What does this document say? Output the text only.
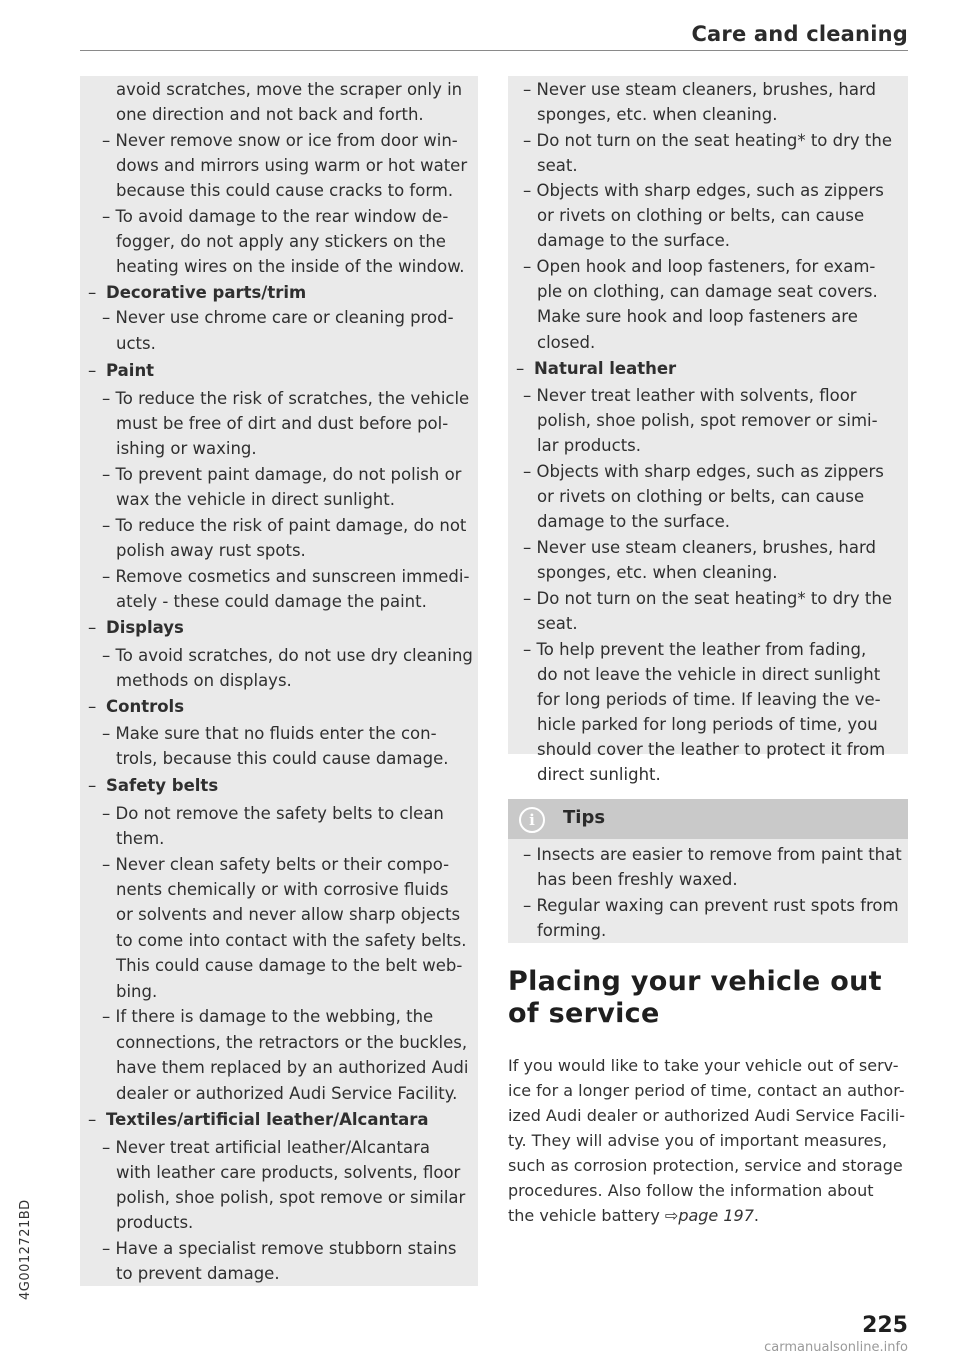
Care and cleaning
i	Tips
avoid scratches, move the scraper only in
one direction and not back and forth.
– Never remove snow or ice from door win-
dows and mirrors using warm or hot water
because this could cause cracks to form.
– To avoid damage to the rear window de-
fogger, do not apply any stickers on the
heating wires on the inside of the window.
– Decorative parts/trim
– Never use chrome care or cleaning prod-
ucts.
– Paint
– To reduce the risk of scratches, the vehicle
must be free of dirt and dust before pol-
ishing or waxing.
– To prevent paint damage, do not polish or
wax the vehicle in direct sunlight.
– To reduce the risk of paint damage, do not
polish away rust spots.
– Remove cosmetics and sunscreen immedi-
ately - these could damage the paint.
– Displays
– To avoid scratches, do not use dry cleaning
methods on displays.
– Controls
– Make sure that no fluids enter the con-
trols, because this could cause damage.
– Safety belts
– Do not remove the safety belts to clean
them.
– Never clean safety belts or their compo-
nents chemically or with corrosive fluids
or solvents and never allow sharp objects
to come into contact with the safety belts.
This could cause damage to the belt web-
bing.
– If there is damage to the webbing, the
connections, the retractors or the buckles,
have them replaced by an authorized Audi
dealer or authorized Audi Service Facility.
– Textiles/artificial leather/Alcantara
– Never treat artificial leather/Alcantara
with leather care products, solvents, floor
polish, shoe polish, spot remove or similar
products.
– Have a specialist remove stubborn stains
to prevent damage.
– Never use steam cleaners, brushes, hard
sponges, etc. when cleaning.
– Do not turn on the seat heating* to dry the
seat.
– Objects with sharp edges, such as zippers
or rivets on clothing or belts, can cause
damage to the surface.
– Open hook and loop fasteners, for exam-
ple on clothing, can damage seat covers.
Make sure hook and loop fasteners are
closed.
– Natural leather
– Never treat leather with solvents, floor
polish, shoe polish, spot remover or simi-
lar products.
– Objects with sharp edges, such as zippers
or rivets on clothing or belts, can cause
damage to the surface.
– Never use steam cleaners, brushes, hard
sponges, etc. when cleaning.
– Do not turn on the seat heating* to dry the
seat.
– To help prevent the leather from fading,
do not leave the vehicle in direct sunlight
for long periods of time. If leaving the ve-
hicle parked for long periods of time, you
should cover the leather to protect it from
direct sunlight.
– Insects are easier to remove from paint that
has been freshly waxed.
– Regular waxing can prevent rust spots from
forming.
Placing your vehicle out
of service
If you would like to take your vehicle out of serv-
ice for a longer period of time, contact an author-
ized Audi dealer or authorized Audi Service Facili-
ty. They will advise you of important measures,
such as corrosion protection, service and storage
procedures. Also follow the information about
the vehicle battery ⇨page 197.
225
4G0012721BD
carmanualsonline.info
